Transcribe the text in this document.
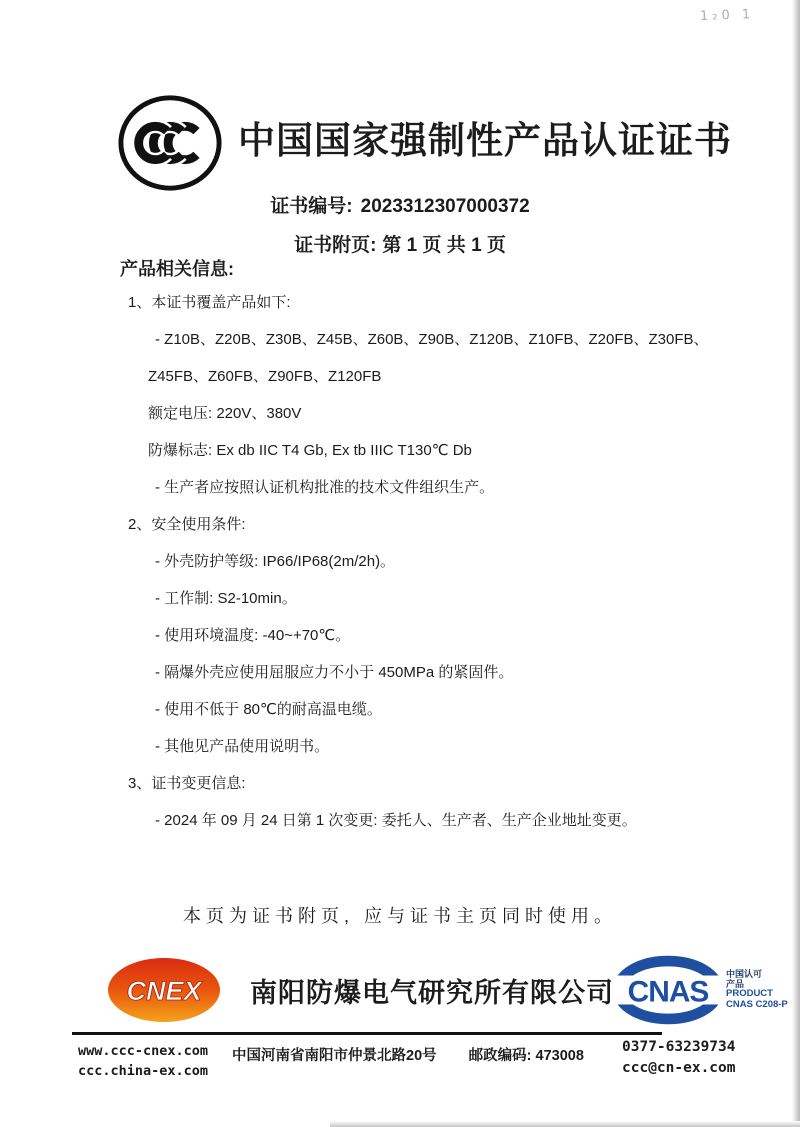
1₂0 1
中国国家强制性产品认证证书
证书编号: 2023312307000372
证书附页: 第 1 页 共 1 页
产品相关信息:
1、本证书覆盖产品如下:
- Z10B、Z20B、Z30B、Z45B、Z60B、Z90B、Z120B、Z10FB、Z20FB、Z30FB、
Z45FB、Z60FB、Z90FB、Z120FB
额定电压: 220V、380V
防爆标志: Ex db IIC T4 Gb, Ex tb IIIC T130℃ Db
- 生产者应按照认证机构批准的技术文件组织生产。
2、安全使用条件:
- 外壳防护等级: IP66/IP68(2m/2h)。
- 工作制: S2-10min。
- 使用环境温度: -40~+70℃。
- 隔爆外壳应使用屈服应力不小于 450MPa 的紧固件。
- 使用不低于 80℃的耐高温电缆。
- 其他见产品使用说明书。
3、证书变更信息:
- 2024 年 09 月 24 日第 1 次变更: 委托人、生产者、生产企业地址变更。
本页为证书附页, 应与证书主页同时使用。
CNEX 南阳防爆电气研究所有限公司 CNAS
中国认可
产品
PRODUCT
CNAS C208-P
www.ccc-cnex.com
ccc.china-ex.com
中国河南省南阳市仲景北路20号 邮政编码: 473008
0377-63239734
ccc@cn-ex.com
